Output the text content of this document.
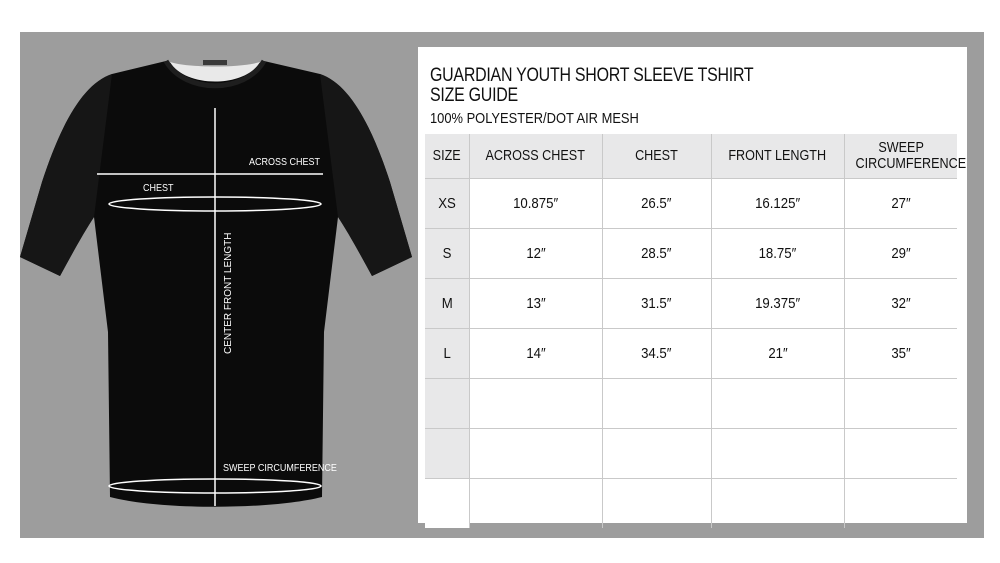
ACROSS CHEST
CHEST
CENTER FRONT LENGTH
SWEEP CIRCUMFERENCE
GUARDIAN YOUTH SHORT SLEEVE TSHIRT
SIZE GUIDE

100% POLYESTER/DOT AIR MESH

SIZE	ACROSS CHEST	CHEST	FRONT LENGTH	SWEEP
CIRCUMFERENCE
XS	10.875″	26.5″	16.125″	27″
S	12″	28.5″	18.75″	29″
M	13″	31.5″	19.375″	32″
L	14″	34.5″	21″	35″
